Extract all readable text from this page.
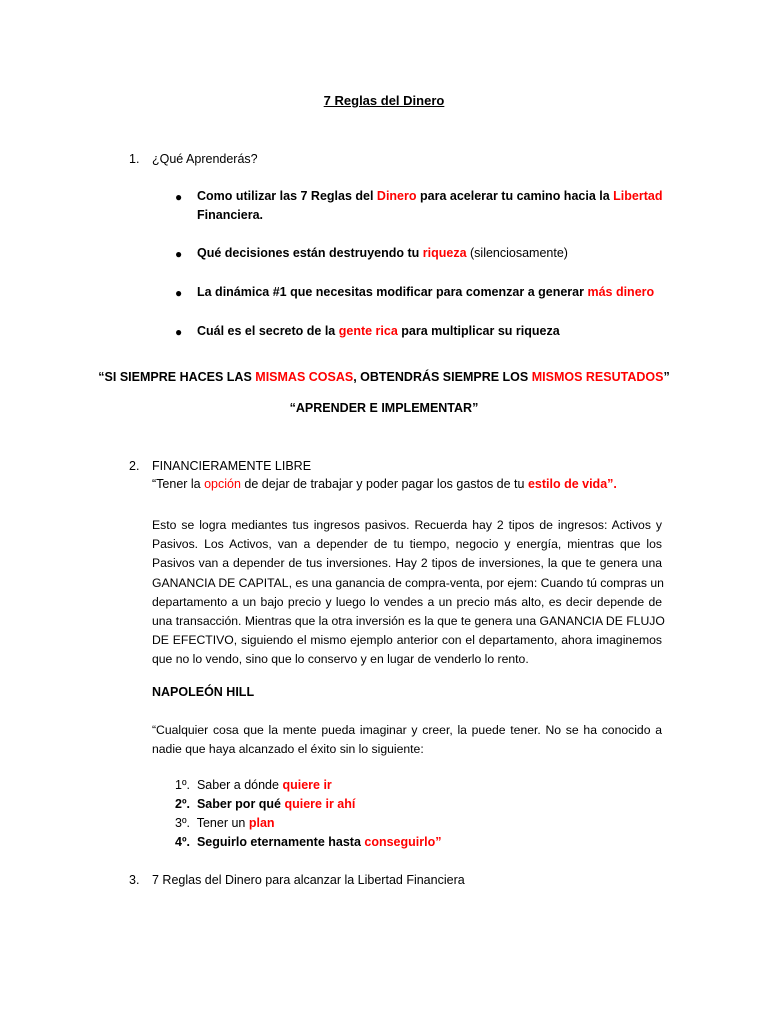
7 Reglas del Dinero
1. ¿Qué Aprenderás?
● Como utilizar las 7 Reglas del Dinero para acelerar tu camino hacia la Libertad
Financiera.
● Qué decisiones están destruyendo tu riqueza (silenciosamente)
● La dinámica #1 que necesitas modificar para comenzar a generar más dinero
● Cuál es el secreto de la gente rica para multiplicar su riqueza
“SI SIEMPRE HACES LAS MISMAS COSAS, OBTENDRÁS SIEMPRE LOS MISMOS RESUTADOS”
“APRENDER E IMPLEMENTAR”
2. FINANCIERAMENTE LIBRE
“Tener la opción de dejar de trabajar y poder pagar los gastos de tu estilo de vida”.
Esto se logra mediantes tus ingresos pasivos. Recuerda hay 2 tipos de ingresos: Activos y
Pasivos. Los Activos, van a depender de tu tiempo, negocio y energía, mientras que los
Pasivos van a depender de tus inversiones. Hay 2 tipos de inversiones, la que te genera una
GANANCIA DE CAPITAL, es una ganancia de compra-venta, por ejem: Cuando tú compras un
departamento a un bajo precio y luego lo vendes a un precio más alto, es decir depende de
una transacción. Mientras que la otra inversión es la que te genera una GANANCIA DE FLUJO
DE EFECTIVO, siguiendo el mismo ejemplo anterior con el departamento, ahora imaginemos
que no lo vendo, sino que lo conservo y en lugar de venderlo lo rento.
NAPOLEÓN HILL
“Cualquier cosa que la mente pueda imaginar y creer, la puede tener. No se ha conocido a
nadie que haya alcanzado el éxito sin lo siguiente:
1º. Saber a dónde quiere ir
2º. Saber por qué quiere ir ahí
3º. Tener un plan
4º. Seguirlo eternamente hasta conseguirlo”
3. 7 Reglas del Dinero para alcanzar la Libertad Financiera
